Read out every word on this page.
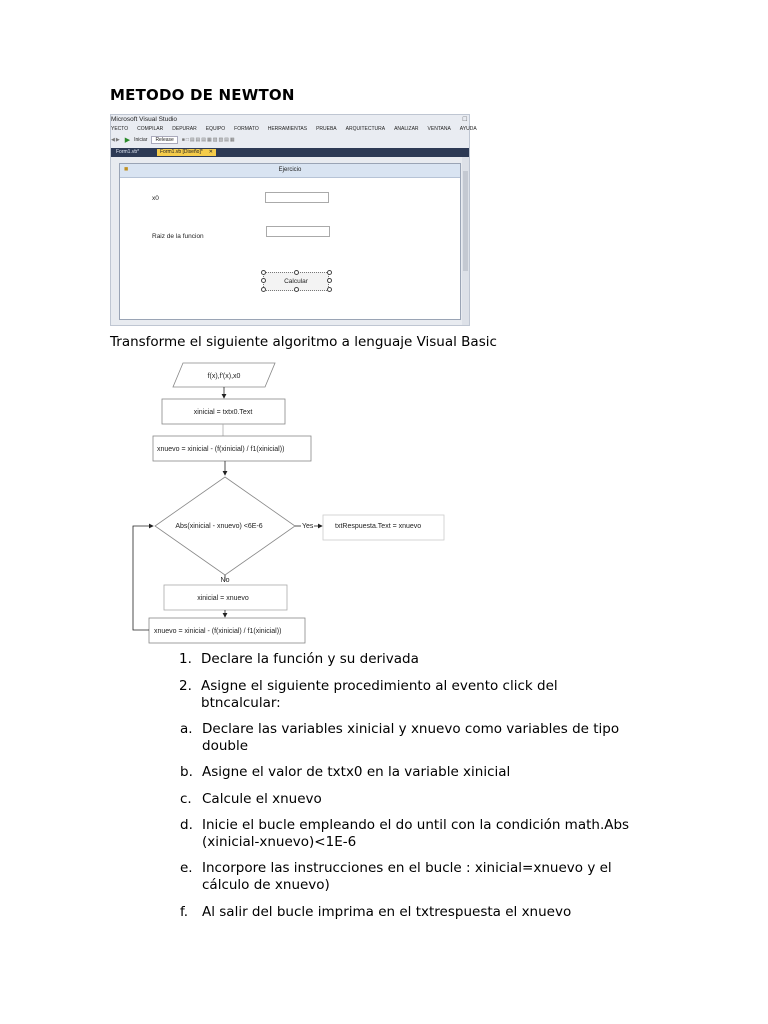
METODO DE NEWTON
Microsoft Visual Studio	□
YECTO COMPILAR DEPURAR EQUIPO FORMATO HERRAMIENTAS PRUEBA ARQUITECTURA ANALIZAR VENTANA AYUDA
◀▶ ▶ Iniciar	Release	■□▤▤▤▦▧▨▤▦
Form1.vb*	Form1.vb [Diseño]* ✕
Ejercicio
■
x0
Raiz de la funcion
Calcular
Transforme el siguiente algoritmo a lenguaje Visual Basic
f(x),f'(x),x0
xinicial = txtx0.Text
xnuevo = xinicial - (f(xinicial) / f1(xinicial))
Abs(xinicial - xnuevo) <6E-6	Yes	txtRespuesta.Text = xnuevo
No
xinicial = xnuevo
xnuevo = xinicial - (f(xinicial) / f1(xinicial))
1. Declare la función y su derivada
2. Asigne el siguiente procedimiento al evento click del btncalcular:
a. Declare las variables xinicial y xnuevo como variables de tipo double
b. Asigne el valor de txtx0 en la variable xinicial
c. Calcule el xnuevo
d. Inicie el bucle empleando el do until con la condición math.Abs (xinicial-xnuevo)<1E-6
e. Incorpore las instrucciones en el bucle : xinicial=xnuevo y el cálculo de xnuevo)
f. Al salir del bucle imprima en el txtrespuesta el xnuevo
